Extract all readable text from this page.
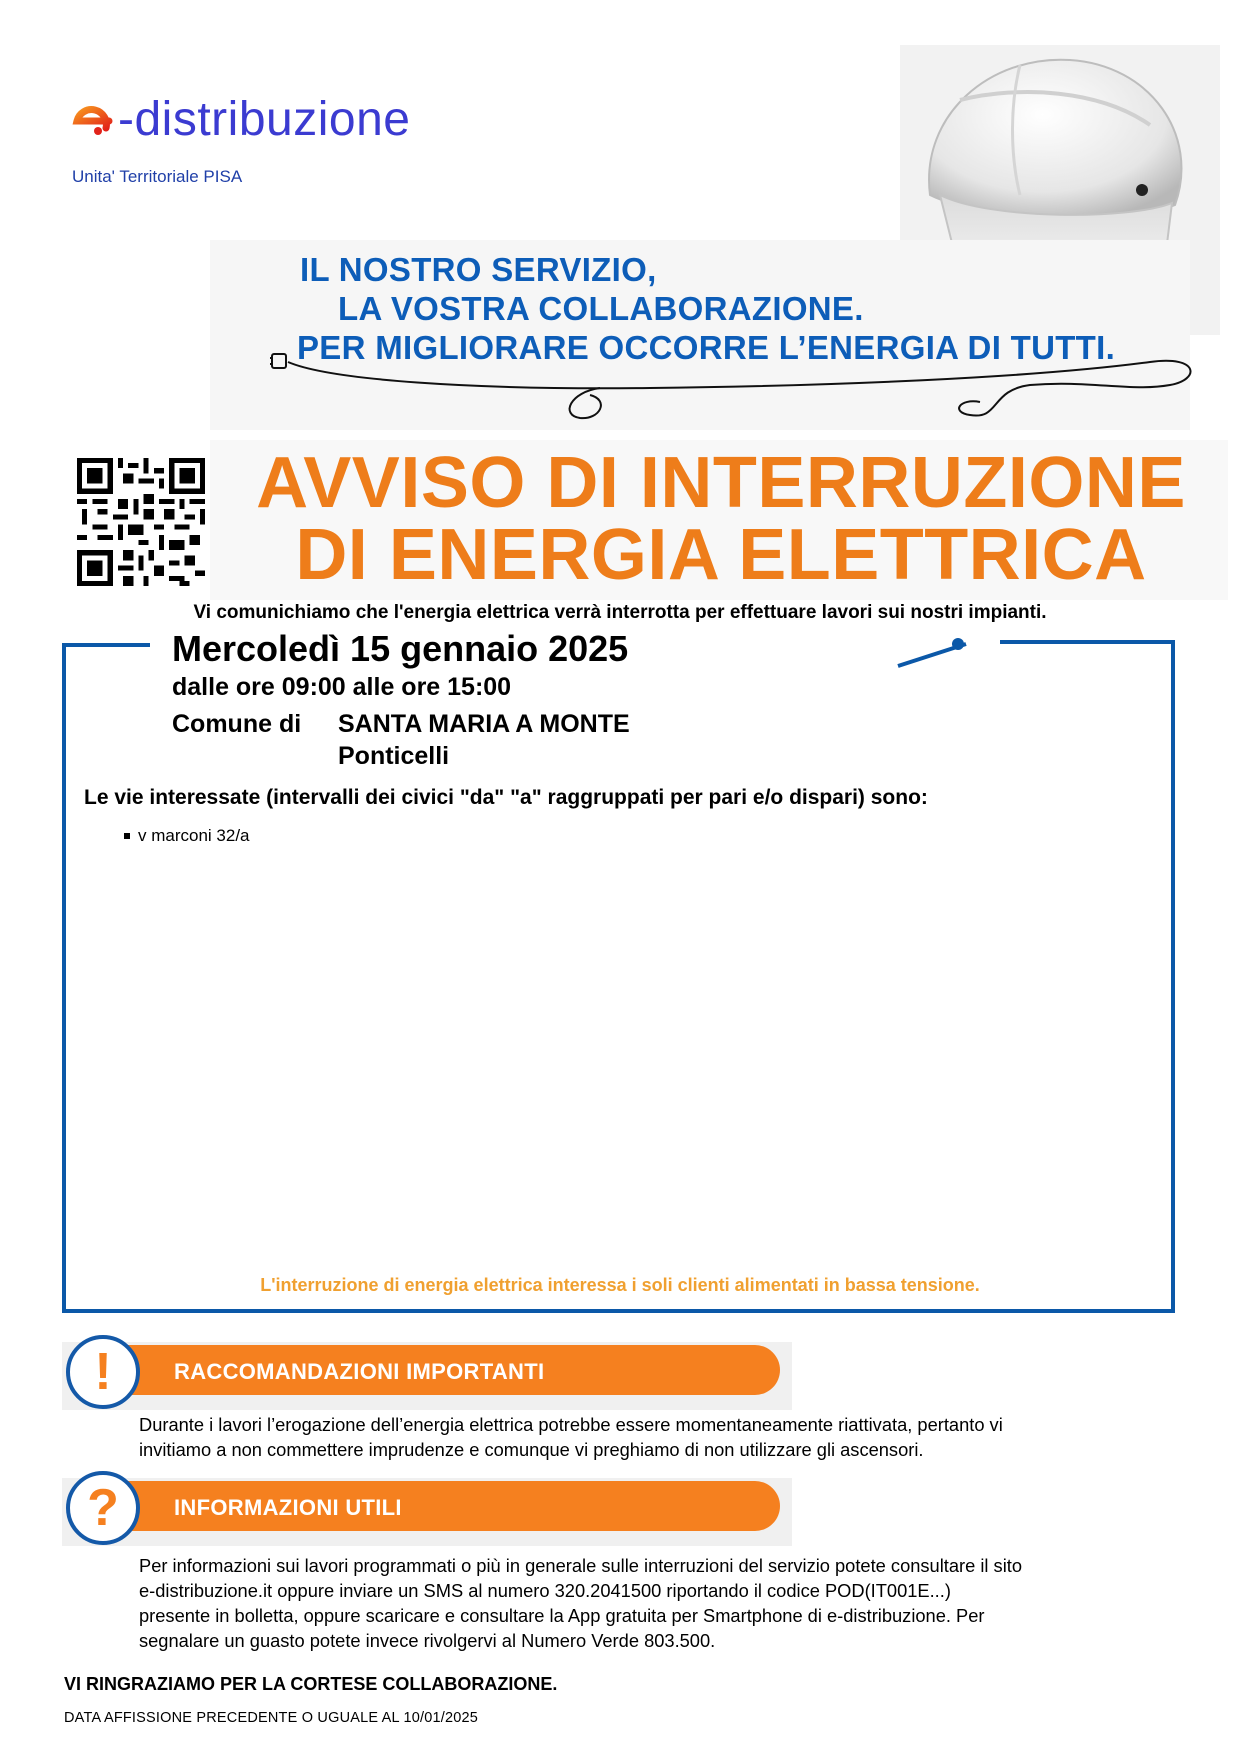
-distribuzione
Unita' Territoriale PISA
IL NOSTRO SERVIZIO,
LA VOSTRA COLLABORAZIONE.
PER MIGLIORARE OCCORRE L’ENERGIA DI TUTTI.
AVVISO DI INTERRUZIONE
DI ENERGIA ELETTRICA
Vi comunichiamo che l'energia elettrica verrà interrotta per effettuare lavori sui nostri impianti.
Mercoledì 15 gennaio 2025
dalle ore 09:00 alle ore 15:00
Comune di SANTA MARIA A MONTE
Ponticelli
Le vie interessate (intervalli dei civici "da" "a" raggruppati per pari e/o dispari) sono:
v marconi 32/a
L'interruzione di energia elettrica interessa i soli clienti alimentati in bassa tensione.
RACCOMANDAZIONI IMPORTANTI
!
Durante i lavori l’erogazione dell’energia elettrica potrebbe essere momentaneamente riattivata, pertanto vi
invitiamo a non commettere imprudenze e comunque vi preghiamo di non utilizzare gli ascensori.
INFORMAZIONI UTILI
?
Per informazioni sui lavori programmati o più in generale sulle interruzioni del servizio potete consultare il sito
e-distribuzione.it oppure inviare un SMS al numero 320.2041500 riportando il codice POD(IT001E...)
presente in bolletta, oppure scaricare e consultare la App gratuita per Smartphone di e-distribuzione. Per
segnalare un guasto potete invece rivolgervi al Numero Verde 803.500.
VI RINGRAZIAMO PER LA CORTESE COLLABORAZIONE.
DATA AFFISSIONE PRECEDENTE O UGUALE AL 10/01/2025
